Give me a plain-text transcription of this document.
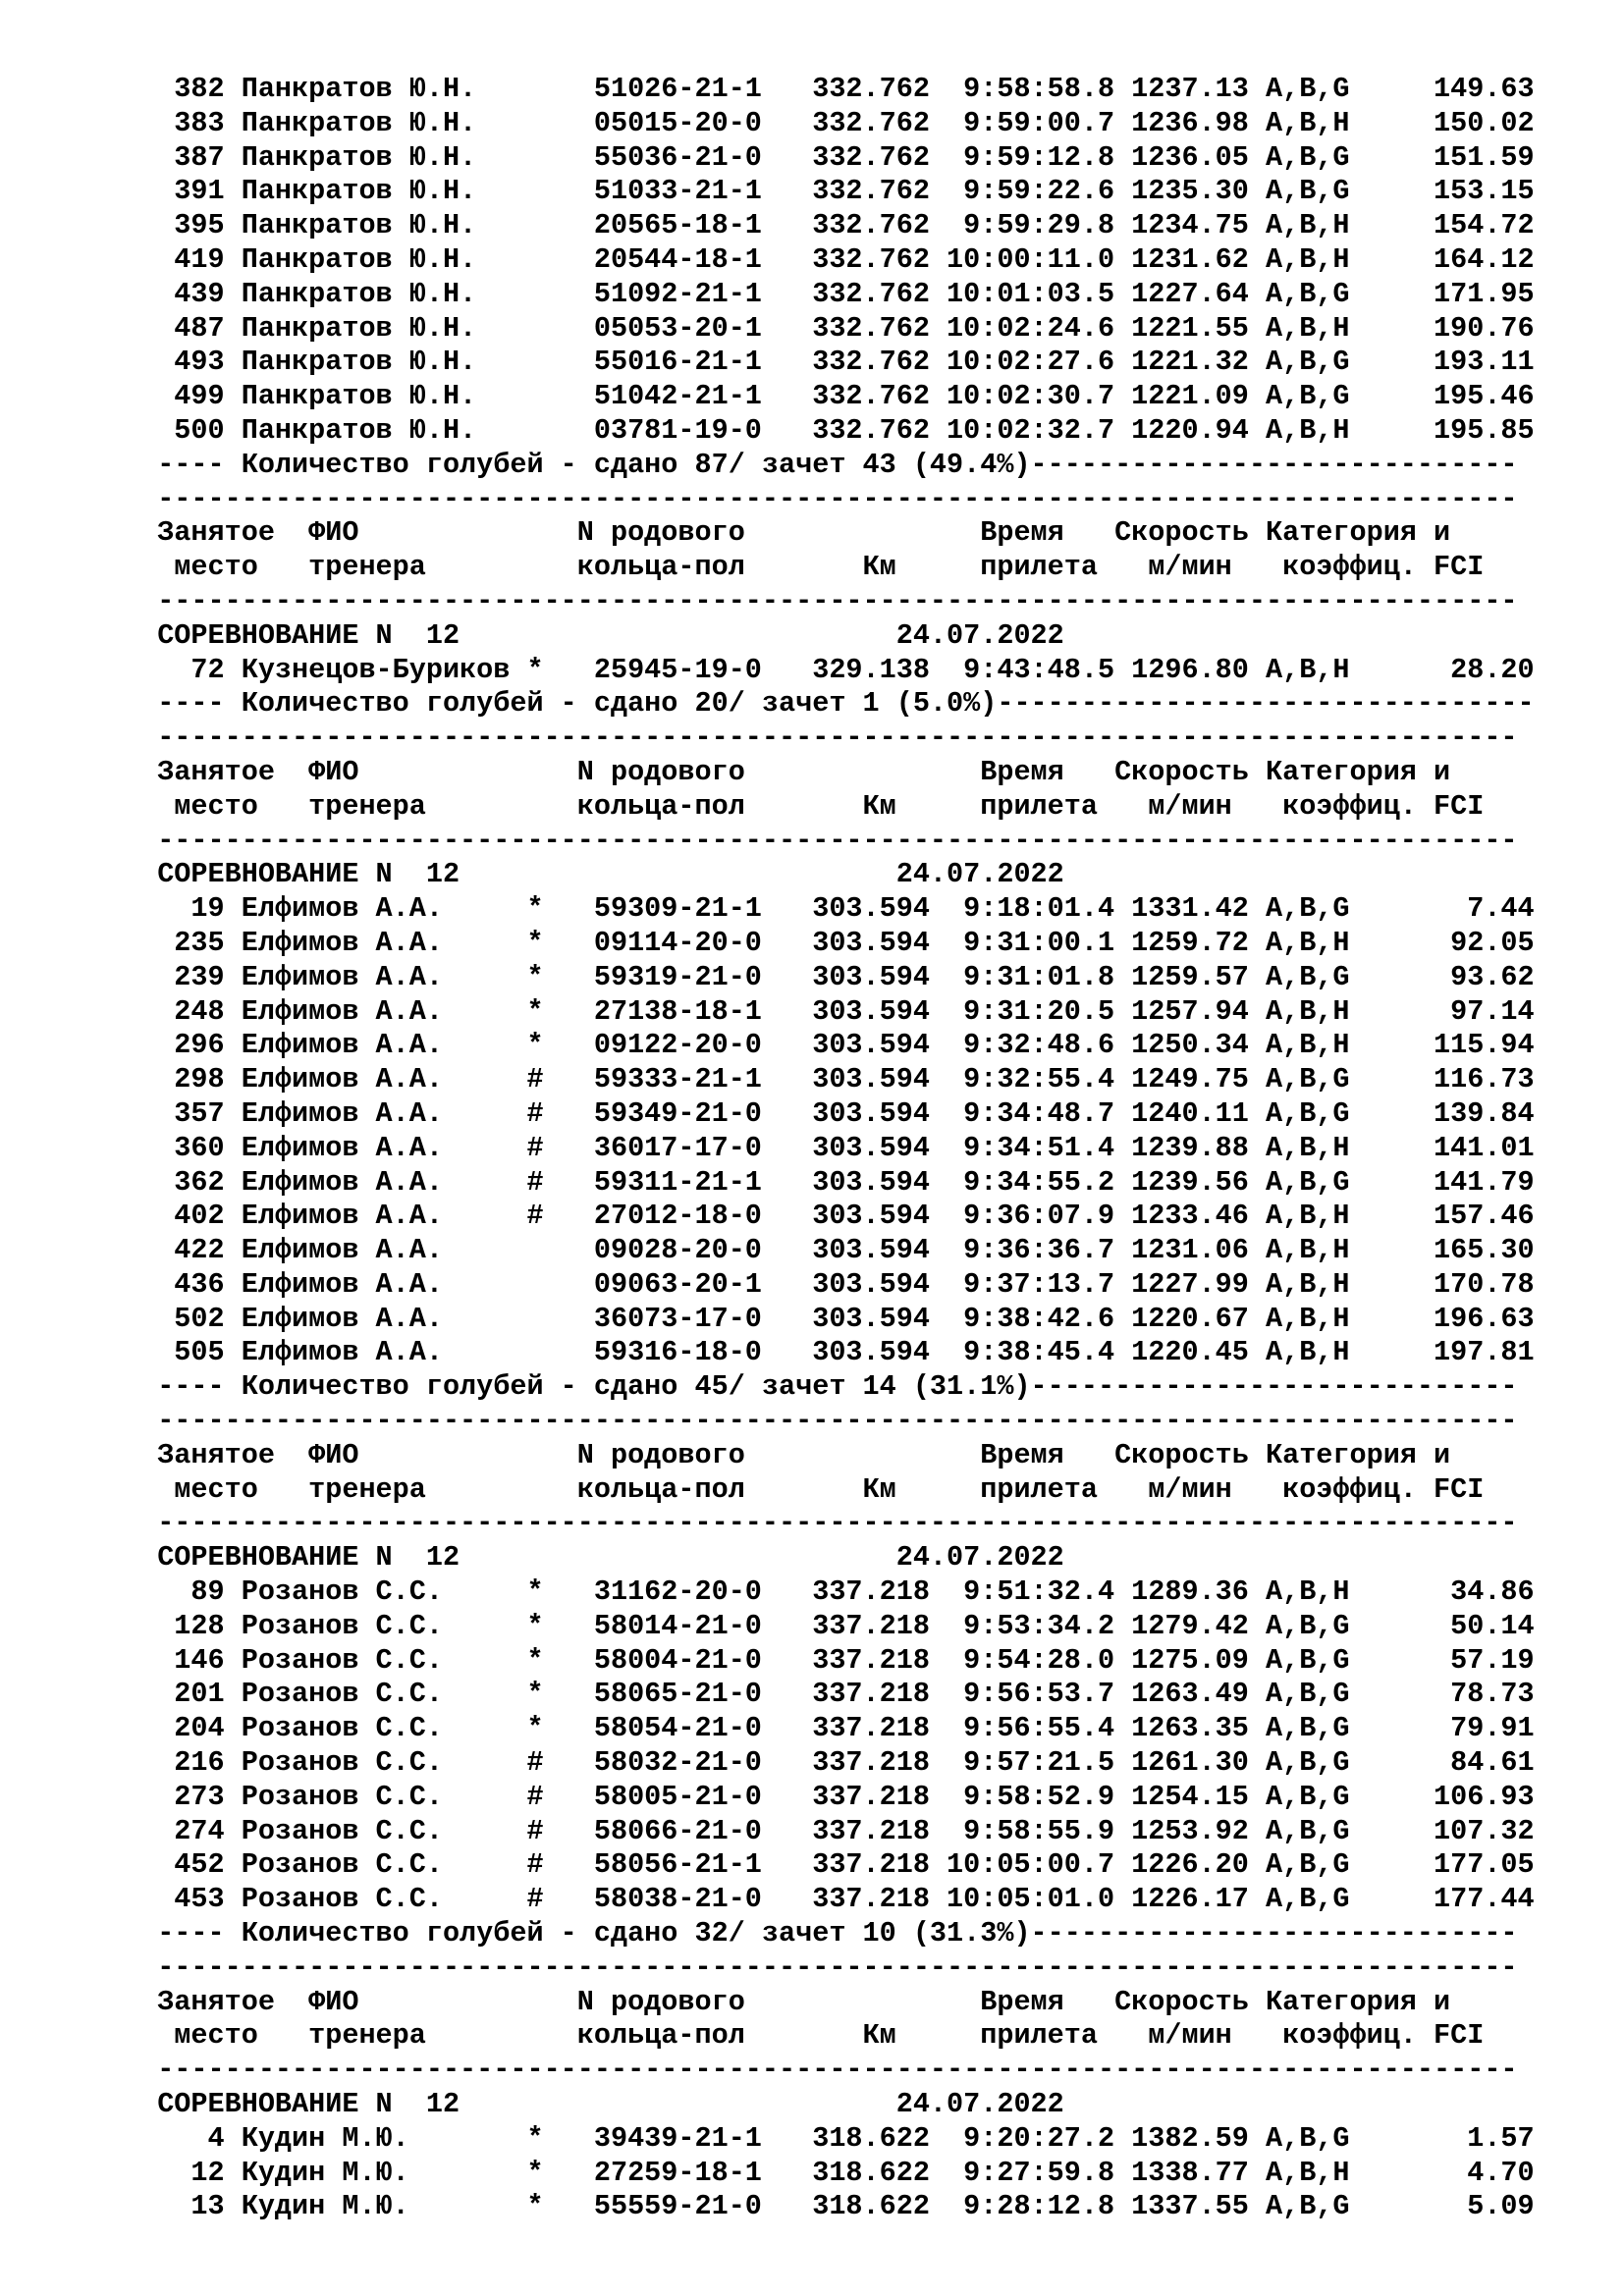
382 Панкратов Ю.Н.       51026-21-1   332.762  9:58:58.8 1237.13 A,B,G     149.63
383 Панкратов Ю.Н.       05015-20-0   332.762  9:59:00.7 1236.98 A,B,H     150.02
387 Панкратов Ю.Н.       55036-21-0   332.762  9:59:12.8 1236.05 A,B,G     151.59
391 Панкратов Ю.Н.       51033-21-1   332.762  9:59:22.6 1235.30 A,B,G     153.15
395 Панкратов Ю.Н.       20565-18-1   332.762  9:59:29.8 1234.75 A,B,H     154.72
419 Панкратов Ю.Н.       20544-18-1   332.762 10:00:11.0 1231.62 A,B,H     164.12
439 Панкратов Ю.Н.       51092-21-1   332.762 10:01:03.5 1227.64 A,B,G     171.95
487 Панкратов Ю.Н.       05053-20-1   332.762 10:02:24.6 1221.55 A,B,H     190.76
493 Панкратов Ю.Н.       55016-21-1   332.762 10:02:27.6 1221.32 A,B,G     193.11
499 Панкратов Ю.Н.       51042-21-1   332.762 10:02:30.7 1221.09 A,B,G     195.46
500 Панкратов Ю.Н.       03781-19-0   332.762 10:02:32.7 1220.94 A,B,H     195.85
---- Количество голубей - сдано 87/ зачет 43 (49.4%)-----------------------------
---------------------------------------------------------------------------------
Занятое  ФИО             N родового              Время   Скорость Категория и
место   тренера         кольца-пол       Км     прилета   м/мин   коэффиц. FCI
---------------------------------------------------------------------------------
СОРЕВНОВАНИЕ N  12                          24.07.2022
72 Кузнецов-Буриков *   25945-19-0   329.138  9:43:48.5 1296.80 A,B,H      28.20
---- Количество голубей - сдано 20/ зачет 1 (5.0%)--------------------------------
---------------------------------------------------------------------------------
Занятое  ФИО             N родового              Время   Скорость Категория и
место   тренера         кольца-пол       Км     прилета   м/мин   коэффиц. FCI
---------------------------------------------------------------------------------
СОРЕВНОВАНИЕ N  12                          24.07.2022
19 Елфимов А.А.     *   59309-21-1   303.594  9:18:01.4 1331.42 A,B,G       7.44
235 Елфимов А.А.     *   09114-20-0   303.594  9:31:00.1 1259.72 A,B,H      92.05
239 Елфимов А.А.     *   59319-21-0   303.594  9:31:01.8 1259.57 A,B,G      93.62
248 Елфимов А.А.     *   27138-18-1   303.594  9:31:20.5 1257.94 A,B,H      97.14
296 Елфимов А.А.     *   09122-20-0   303.594  9:32:48.6 1250.34 A,B,H     115.94
298 Елфимов А.А.     #   59333-21-1   303.594  9:32:55.4 1249.75 A,B,G     116.73
357 Елфимов А.А.     #   59349-21-0   303.594  9:34:48.7 1240.11 A,B,G     139.84
360 Елфимов А.А.     #   36017-17-0   303.594  9:34:51.4 1239.88 A,B,H     141.01
362 Елфимов А.А.     #   59311-21-1   303.594  9:34:55.2 1239.56 A,B,G     141.79
402 Елфимов А.А.     #   27012-18-0   303.594  9:36:07.9 1233.46 A,B,H     157.46
422 Елфимов А.А.         09028-20-0   303.594  9:36:36.7 1231.06 A,B,H     165.30
436 Елфимов А.А.         09063-20-1   303.594  9:37:13.7 1227.99 A,B,H     170.78
502 Елфимов А.А.         36073-17-0   303.594  9:38:42.6 1220.67 A,B,H     196.63
505 Елфимов А.А.         59316-18-0   303.594  9:38:45.4 1220.45 A,B,H     197.81
---- Количество голубей - сдано 45/ зачет 14 (31.1%)-----------------------------
---------------------------------------------------------------------------------
Занятое  ФИО             N родового              Время   Скорость Категория и
место   тренера         кольца-пол       Км     прилета   м/мин   коэффиц. FCI
---------------------------------------------------------------------------------
СОРЕВНОВАНИЕ N  12                          24.07.2022
89 Розанов С.С.     *   31162-20-0   337.218  9:51:32.4 1289.36 A,B,H      34.86
128 Розанов С.С.     *   58014-21-0   337.218  9:53:34.2 1279.42 A,B,G      50.14
146 Розанов С.С.     *   58004-21-0   337.218  9:54:28.0 1275.09 A,B,G      57.19
201 Розанов С.С.     *   58065-21-0   337.218  9:56:53.7 1263.49 A,B,G      78.73
204 Розанов С.С.     *   58054-21-0   337.218  9:56:55.4 1263.35 A,B,G      79.91
216 Розанов С.С.     #   58032-21-0   337.218  9:57:21.5 1261.30 A,B,G      84.61
273 Розанов С.С.     #   58005-21-0   337.218  9:58:52.9 1254.15 A,B,G     106.93
274 Розанов С.С.     #   58066-21-0   337.218  9:58:55.9 1253.92 A,B,G     107.32
452 Розанов С.С.     #   58056-21-1   337.218 10:05:00.7 1226.20 A,B,G     177.05
453 Розанов С.С.     #   58038-21-0   337.218 10:05:01.0 1226.17 A,B,G     177.44
---- Количество голубей - сдано 32/ зачет 10 (31.3%)-----------------------------
---------------------------------------------------------------------------------
Занятое  ФИО             N родового              Время   Скорость Категория и
место   тренера         кольца-пол       Км     прилета   м/мин   коэффиц. FCI
---------------------------------------------------------------------------------
СОРЕВНОВАНИЕ N  12                          24.07.2022
4 Кудин М.Ю.       *   39439-21-1   318.622  9:20:27.2 1382.59 A,B,G       1.57
12 Кудин М.Ю.       *   27259-18-1   318.622  9:27:59.8 1338.77 A,B,H       4.70
13 Кудин М.Ю.       *   55559-21-0   318.622  9:28:12.8 1337.55 A,B,G       5.09
